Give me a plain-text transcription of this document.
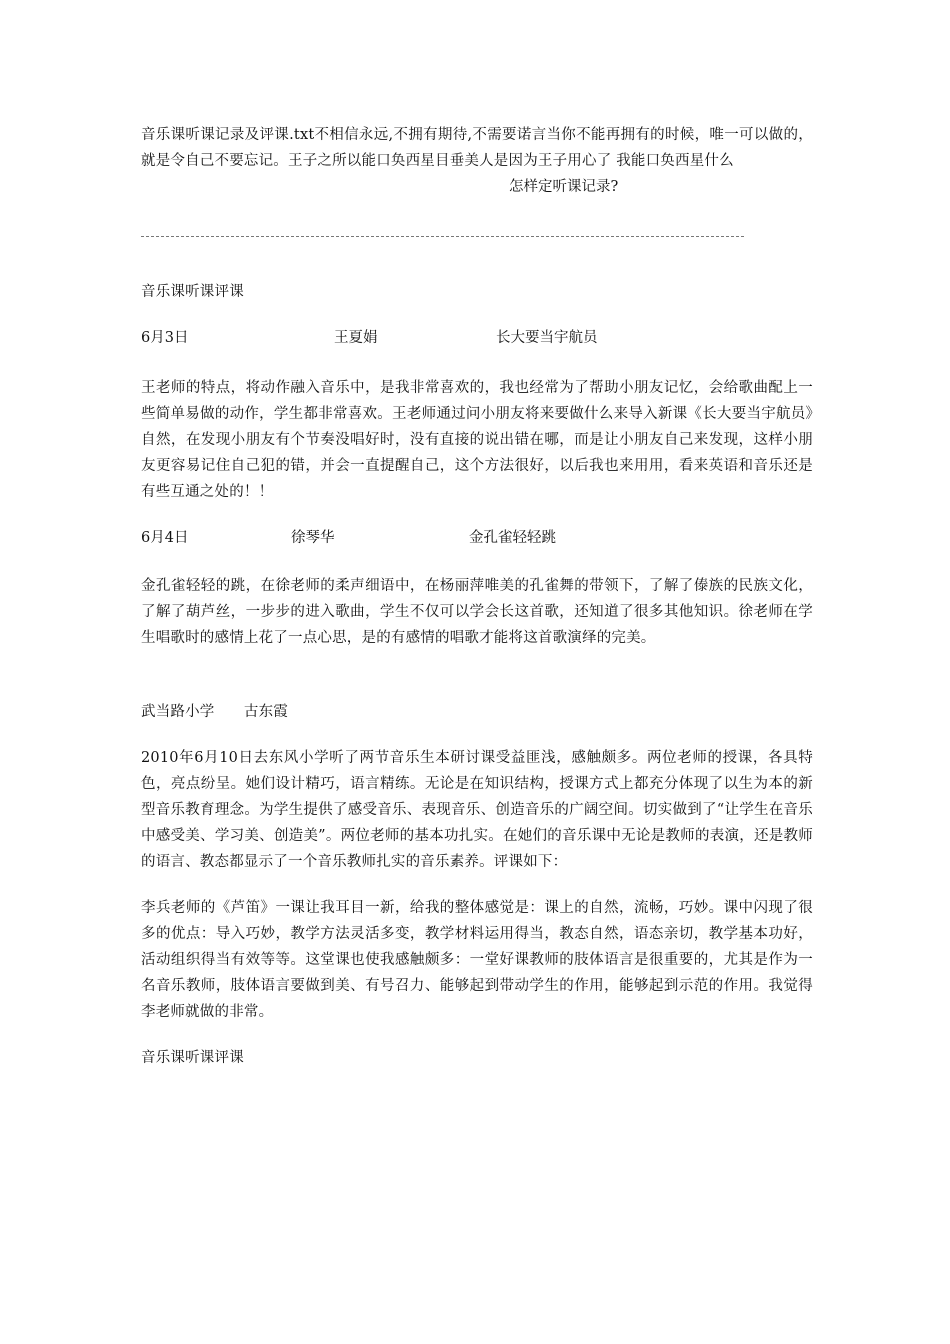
音乐课听课记录及评课.txt不相信永远,不拥有期待,不需要诺言当你不能再拥有的时候，唯一可以做的，就是令自己不要忘记。王子之所以能口奂西星目垂美人是因为王子用心了 我能口奂西星什么

怎样定听课记录?

音乐课听课评课

6月3日	王夏娟	长大要当宇航员

王老师的特点，将动作融入音乐中，是我非常喜欢的，我也经常为了帮助小朋友记忆，会给歌曲配上一些简单易做的动作，学生都非常喜欢。王老师通过问小朋友将来要做什么来导入新课《长大要当宇航员》自然，在发现小朋友有个节奏没唱好时，没有直接的说出错在哪，而是让小朋友自己来发现，这样小朋友更容易记住自己犯的错，并会一直提醒自己，这个方法很好，以后我也来用用，看来英语和音乐还是有些互通之处的！！

6月4日	徐琴华	金孔雀轻轻跳

金孔雀轻轻的跳，在徐老师的柔声细语中，在杨丽萍唯美的孔雀舞的带领下，了解了傣族的民族文化，了解了葫芦丝，一步步的进入歌曲，学生不仅可以学会长这首歌，还知道了很多其他知识。徐老师在学生唱歌时的感情上花了一点心思，是的有感情的唱歌才能将这首歌演绎的完美。

武当路小学　　古东霞

2010年6月10日去东风小学听了两节音乐生本研讨课受益匪浅，感触颇多。两位老师的授课，各具特色，亮点纷呈。她们设计精巧，语言精练。无论是在知识结构，授课方式上都充分体现了以生为本的新型音乐教育理念。为学生提供了感受音乐、表现音乐、创造音乐的广阔空间。切实做到了“让学生在音乐中感受美、学习美、创造美”。两位老师的基本功扎实。在她们的音乐课中无论是教师的表演，还是教师的语言、教态都显示了一个音乐教师扎实的音乐素养。评课如下：

李兵老师的《芦笛》一课让我耳目一新，给我的整体感觉是：课上的自然，流畅，巧妙。课中闪现了很多的优点：导入巧妙，教学方法灵活多变，教学材料运用得当，教态自然，语态亲切，教学基本功好，活动组织得当有效等等。这堂课也使我感触颇多：一堂好课教师的肢体语言是很重要的，尤其是作为一名音乐教师，肢体语言要做到美、有号召力、能够起到带动学生的作用，能够起到示范的作用。我觉得李老师就做的非常。

音乐课听课评课
